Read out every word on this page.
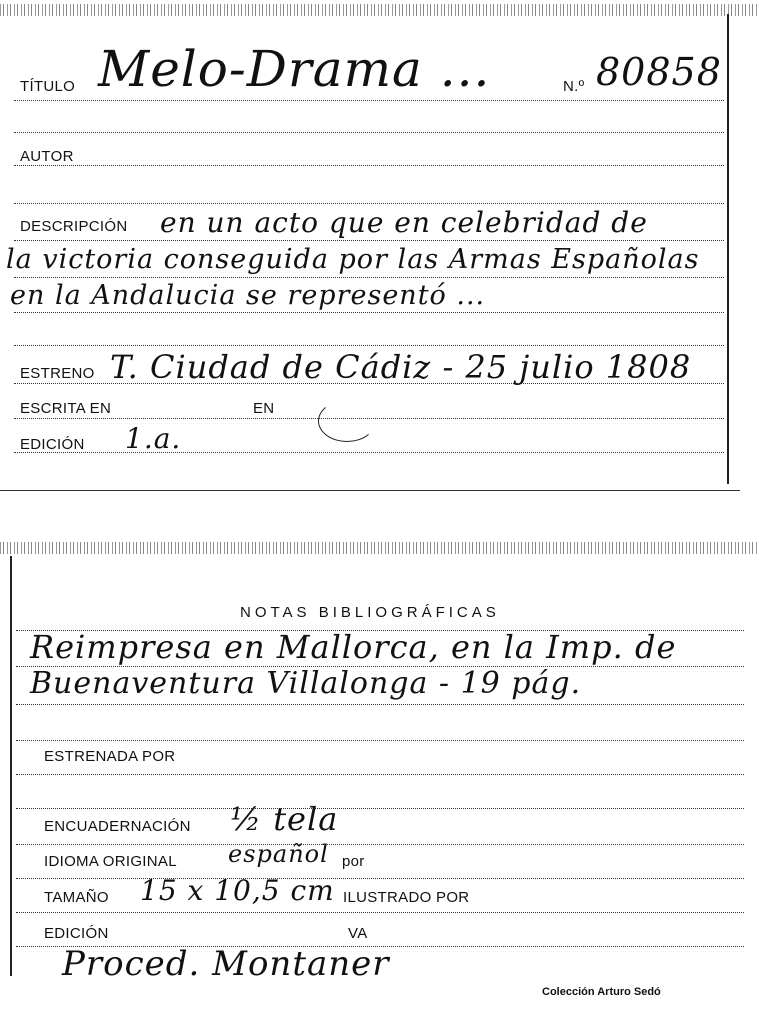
TÍTULO Melo-Drama ...	N.º 80858
AUTOR
DESCRIPCIÓN en un acto que en celebridad de
la victoria conseguida por las Armas Españolas
en la Andalucia se representó ...
ESTRENO T. Ciudad de Cádiz - 25 julio 1808
ESCRITA EN	EN
EDICIÓN 1.a.
NOTAS BIBLIOGRÁFICAS
Reimpresa en Mallorca, en la Imp. de
Buenaventura Villalonga - 19 pág.
ESTRENADA POR
ENCUADERNACIÓN ½ tela
IDIOMA ORIGINAL español por
TAMAÑO 15 x 10,5 cm ILUSTRADO POR
EDICIÓN	VA
Proced. Montaner
Colección Arturo Sedó
